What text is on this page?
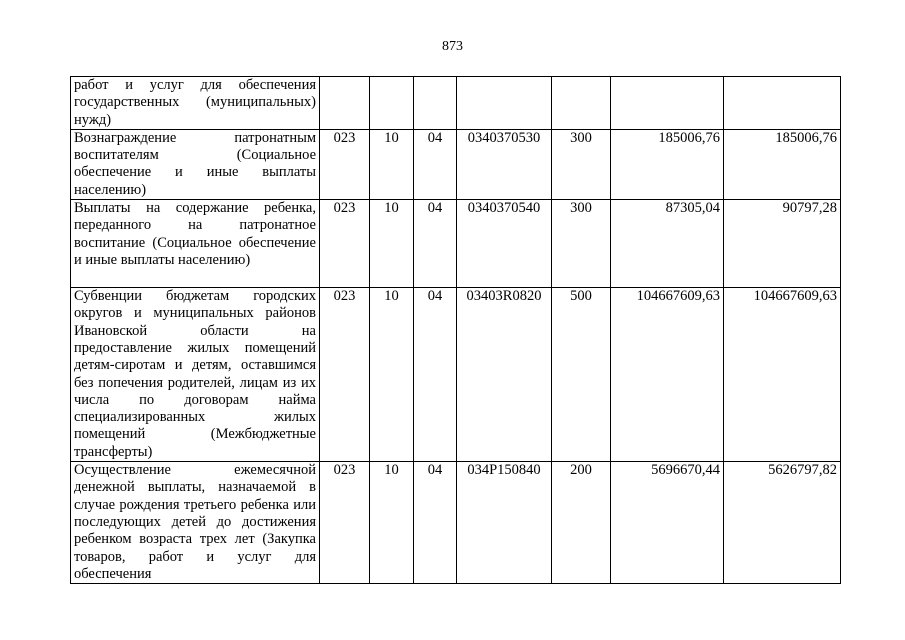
873
работ и услуг для обеспечения государственных (муниципальных) нужд)							
Вознаграждение патронатным воспитателям (Социальное обеспечение и иные выплаты населению)	023	10	04	0340370530	300	185006,76	185006,76
Выплаты на содержание ребенка, переданного на патронатное воспитание (Социальное обеспечение и иные выплаты населению)	023	10	04	0340370540	300	87305,04	90797,28
Субвенции бюджетам городских округов и муниципальных районов Ивановской области на предоставление жилых помещений детям-сиротам и детям, оставшимся без попечения родителей, лицам из их числа по договорам найма специализированных жилых помещений (Межбюджетные трансферты)	023	10	04	03403R0820	500	104667609,63	104667609,63
Осуществление ежемесячной денежной выплаты, назначаемой в случае рождения третьего ребенка или последующих детей до достижения ребенком возраста трех лет (Закупка товаров, работ и услуг для обеспечения	023	10	04	034P150840	200	5696670,44	5626797,82
